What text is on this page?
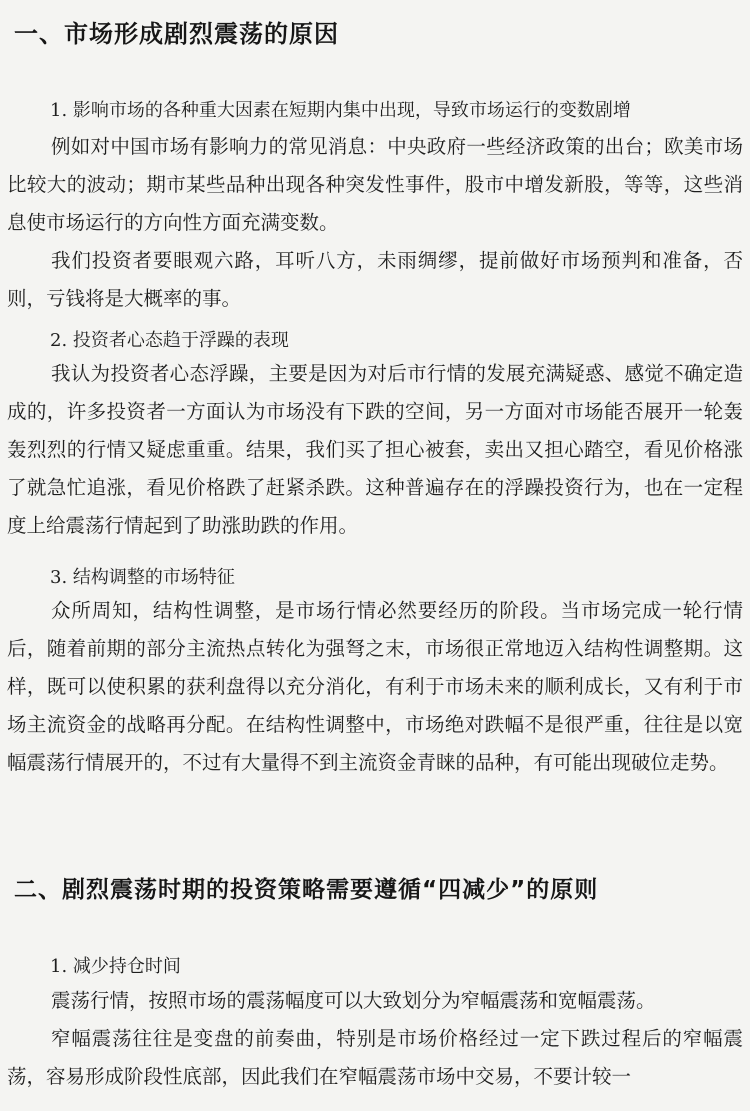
一、市场形成剧烈震荡的原因

1. 影响市场的各种重大因素在短期内集中出现，导致市场运行的变数剧增

例如对中国市场有影响力的常见消息：中央政府一些经济政策的出台；欧美市场比较大的波动；期市某些品种出现各种突发性事件，股市中增发新股，等等，这些消息使市场运行的方向性方面充满变数。

我们投资者要眼观六路，耳听八方，未雨绸缪，提前做好市场预判和准备，否则，亏钱将是大概率的事。

2. 投资者心态趋于浮躁的表现

我认为投资者心态浮躁，主要是因为对后市行情的发展充满疑惑、感觉不确定造成的，许多投资者一方面认为市场没有下跌的空间，另一方面对市场能否展开一轮轰轰烈烈的行情又疑虑重重。结果，我们买了担心被套，卖出又担心踏空，看见价格涨了就急忙追涨，看见价格跌了赶紧杀跌。这种普遍存在的浮躁投资行为，也在一定程度上给震荡行情起到了助涨助跌的作用。

3. 结构调整的市场特征

众所周知，结构性调整，是市场行情必然要经历的阶段。当市场完成一轮行情后，随着前期的部分主流热点转化为强弩之末，市场很正常地迈入结构性调整期。这样，既可以使积累的获利盘得以充分消化，有利于市场未来的顺利成长，又有利于市场主流资金的战略再分配。在结构性调整中，市场绝对跌幅不是很严重，往往是以宽幅震荡行情展开的，不过有大量得不到主流资金青睐的品种，有可能出现破位走势。

二、剧烈震荡时期的投资策略需要遵循“四减少”的原则

1. 减少持仓时间

震荡行情，按照市场的震荡幅度可以大致划分为窄幅震荡和宽幅震荡。

窄幅震荡往往是变盘的前奏曲，特别是市场价格经过一定下跌过程后的窄幅震荡，容易形成阶段性底部，因此我们在窄幅震荡市场中交易，不要计较一
